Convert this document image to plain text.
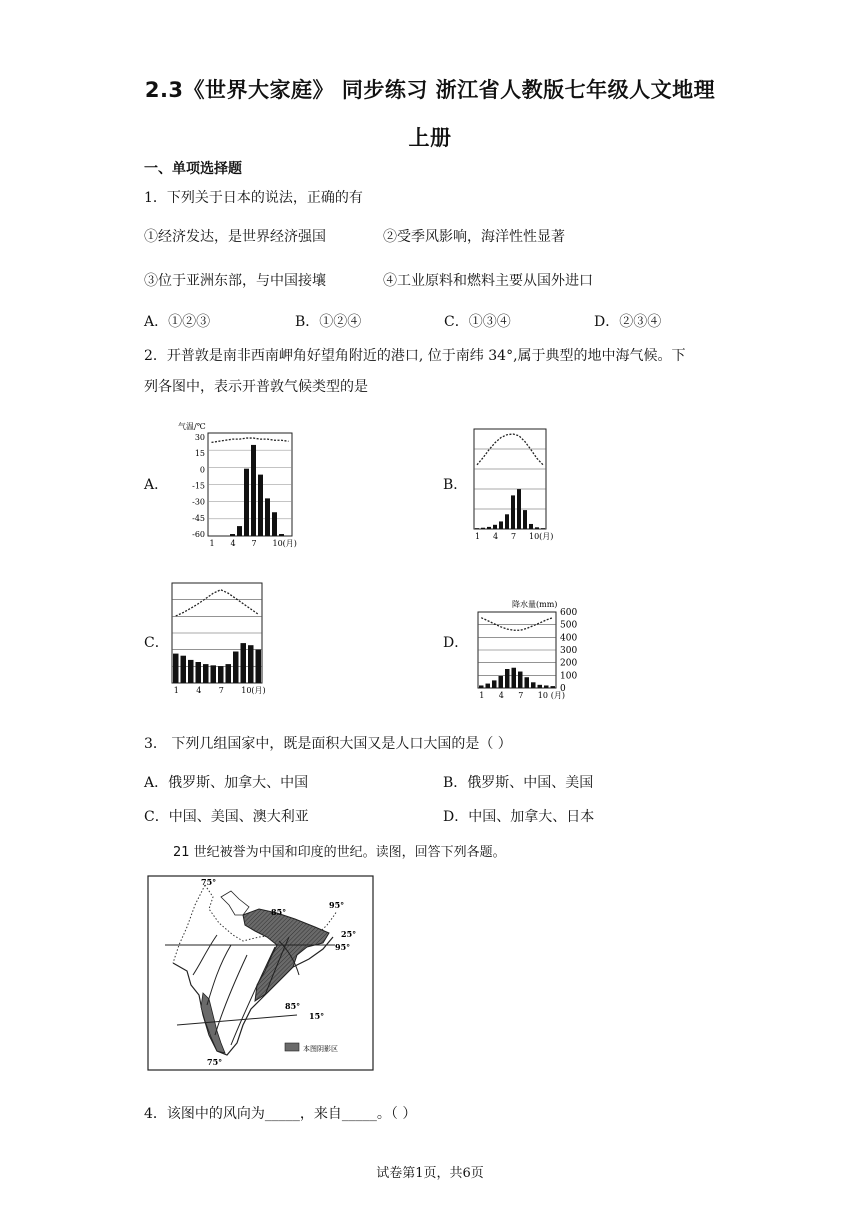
2.3《世界大家庭》 同步练习 浙江省人教版七年级人文地理
上册
一、单项选择题
1．下列关于日本的说法，正确的有
①经济发达，是世界经济强国	②受季风影响，海洋性性显著
③位于亚洲东部，与中国接壤	④工业原料和燃料主要从国外进口
A．①②③	B．①②④	C．①③④	D．②③④
2．开普敦是南非西南岬角好望角附近的港口, 位于南纬 34°,属于典型的地中海气候。下
列各图中，表示开普敦气候类型的是
A．	B．
C．	D．
气温/℃
30
15
0
-15
-30
-45
-60
1 4 7 10(月)
1 4 7 10(月)
1 4 7 10(月)
降水量(mm)
600
500
400
300
200
100
0
1 4 7 10 (月)
3． 下列几组国家中，既是面积大国又是人口大国的是（ ）
A．俄罗斯、加拿大、中国	B．俄罗斯、中国、美国
C．中国、美国、澳大利亚	D．中国、加拿大、日本
21 世纪被誉为中国和印度的世纪。读图，回答下列各题。
75°
85°
95°
25°
95°
85°
15°
75°
本图阴影区
4．该图中的风向为_____，来自_____。（ ）
试卷第1页，共6页
